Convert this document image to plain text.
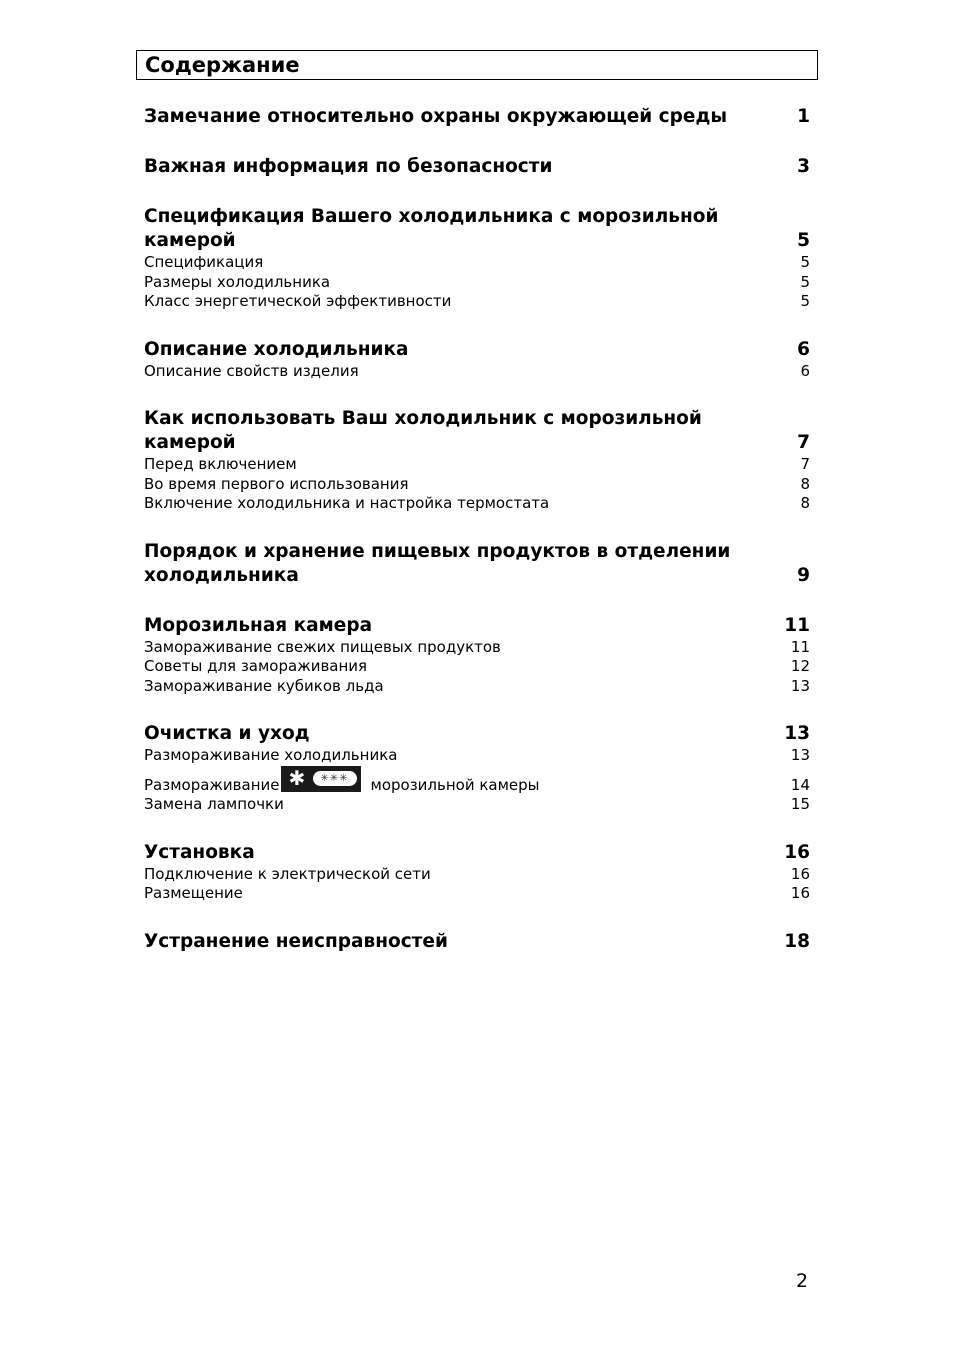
Содержание
Замечание относительно охраны окружающей среды	1
Важная информация по безопасности	3
Спецификация Вашего холодильника с морозильной камерой	5
Спецификация	5
Размеры холодильника	5
Класс энергетической эффективности	5
Описание холодильника	6
Описание свойств изделия	6
Как использовать Ваш холодильник с морозильной камерой	7
Перед включением	7
Во время первого использования	8
Включение холодильника и настройка термостата	8
Порядок и хранение пищевых продуктов в отделении холодильника	9
Морозильная камера	11
Замораживание свежих пищевых продуктов	11
Советы для замораживания	12
Замораживание кубиков льда	13
Очистка и уход	13
Размораживание холодильника	13
Размораживание ✱	✳✳✳	морозильной камеры	14
Замена лампочки	15
Установка	16
Подключение к электрической сети	16
Размещение	16
Устранение неисправностей	18
2
